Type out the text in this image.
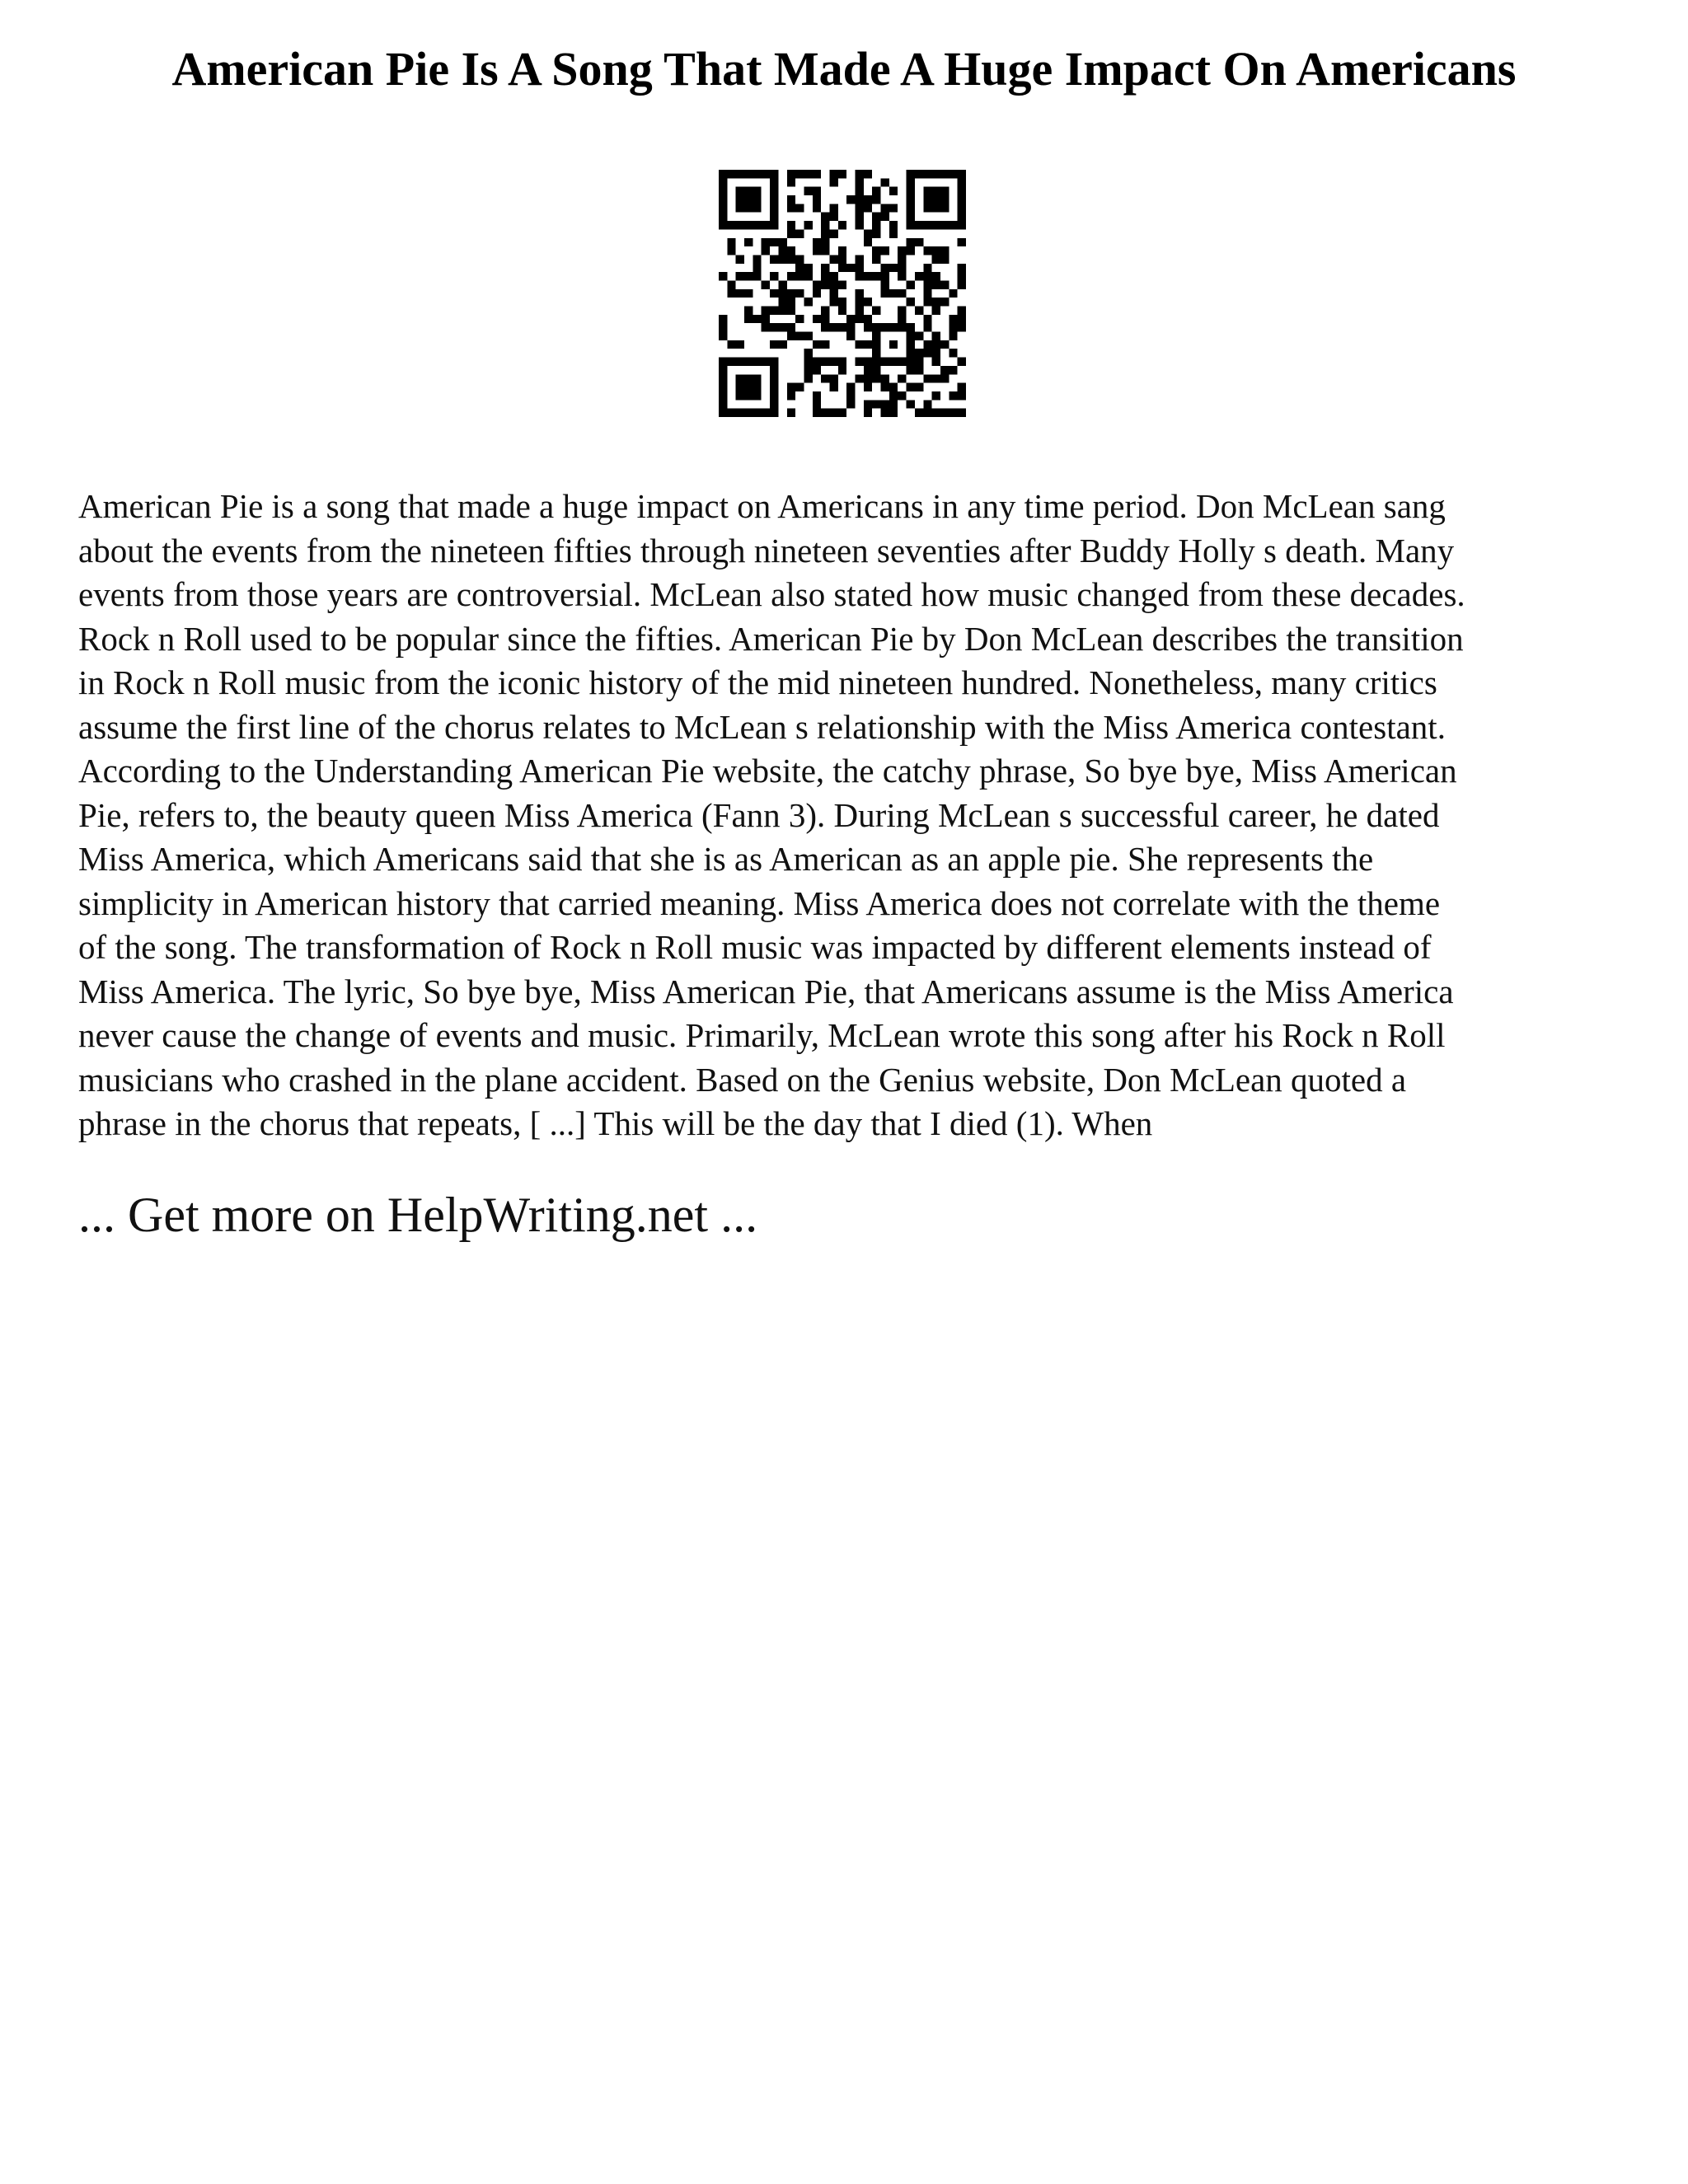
American Pie Is A Song That Made A Huge Impact On Americans

American Pie is a song that made a huge impact on Americans in any time period. Don McLean sang
about the events from the nineteen fifties through nineteen seventies after Buddy Holly s death. Many
events from those years are controversial. McLean also stated how music changed from these decades.
Rock n Roll used to be popular since the fifties. American Pie by Don McLean describes the transition
in Rock n Roll music from the iconic history of the mid nineteen hundred. Nonetheless, many critics
assume the first line of the chorus relates to McLean s relationship with the Miss America contestant.
According to the Understanding American Pie website, the catchy phrase, So bye bye, Miss American
Pie, refers to, the beauty queen Miss America (Fann 3). During McLean s successful career, he dated
Miss America, which Americans said that she is as American as an apple pie. She represents the
simplicity in American history that carried meaning. Miss America does not correlate with the theme
of the song. The transformation of Rock n Roll music was impacted by different elements instead of
Miss America. The lyric, So bye bye, Miss American Pie, that Americans assume is the Miss America
never cause the change of events and music. Primarily, McLean wrote this song after his Rock n Roll
musicians who crashed in the plane accident. Based on the Genius website, Don McLean quoted a
phrase in the chorus that repeats, [ ...] This will be the day that I died (1). When

... Get more on HelpWriting.net ...
